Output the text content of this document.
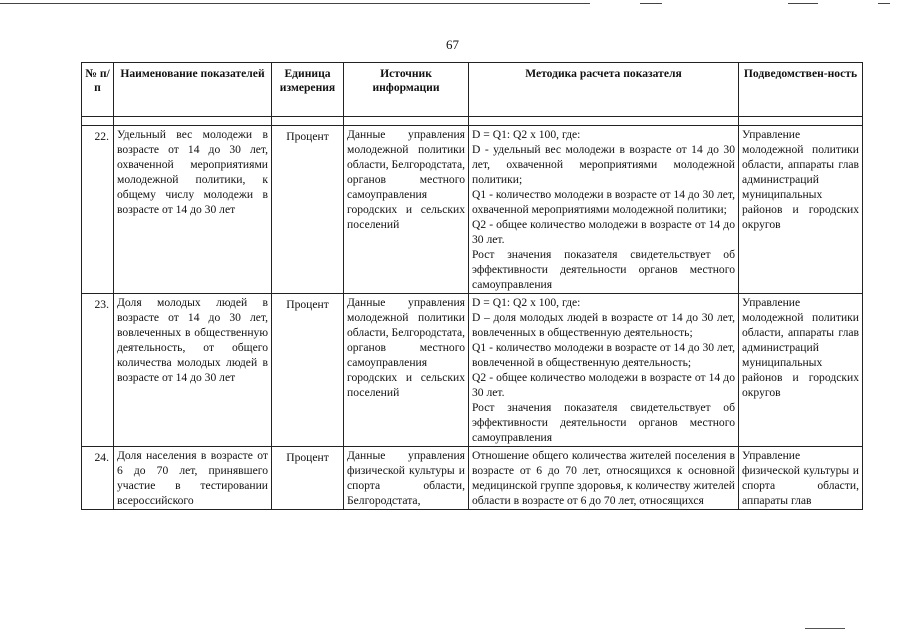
67
№ п/п	Наименование показателей	Единица измерения	Источник информации	Методика расчета показателя	Подведомствен-ность

22.	Удельный вес молодежи в возрасте от 14 до 30 лет, охваченной мероприятиями молодежной политики, к общему числу молодежи в возрасте от 14 до 30 лет	Процент	Данные управления молодежной политики области, Белгородстата, органов местного самоуправления городских и сельских поселений	D = Q1: Q2 x 100, где:
D - удельный вес молодежи в возрасте от 14 до 30 лет, охваченной мероприятиями молодежной политики;
Q1 - количество молодежи в возрасте от 14 до 30 лет, охваченной мероприятиями молодежной политики;
Q2 - общее количество молодежи в возрасте от 14 до 30 лет.
Рост значения показателя свидетельствует об эффективности деятельности органов местного самоуправления	Управление молодежной политики области, аппараты глав администраций муниципальных районов и городских округов
23.	Доля молодых людей в возрасте от 14 до 30 лет, вовлеченных в общественную деятельность, от общего количества молодых людей в возрасте от 14 до 30 лет	Процент	Данные управления молодежной политики области, Белгородстата, органов местного самоуправления городских и сельских поселений	D = Q1: Q2 x 100, где:
D – доля молодых людей в возрасте от 14 до 30 лет, вовлеченных в общественную деятельность;
Q1 - количество молодежи в возрасте от 14 до 30 лет, вовлеченной в общественную деятельность;
Q2 - общее количество молодежи в возрасте от 14 до 30 лет.
Рост значения показателя свидетельствует об эффективности деятельности органов местного самоуправления	Управление молодежной политики области, аппараты глав администраций муниципальных районов и городских округов
24.	Доля населения в возрасте от 6 до 70 лет, принявшего участие в тестировании всероссийского	Процент	Данные управления физической культуры и спорта области, Белгородстата,	Отношение общего количества жителей поселения в возрасте от 6 до 70 лет, относящихся к основной медицинской группе здоровья, к количеству жителей области в возрасте от 6 до 70 лет, относящихся	Управление физической культуры и спорта области, аппараты глав
